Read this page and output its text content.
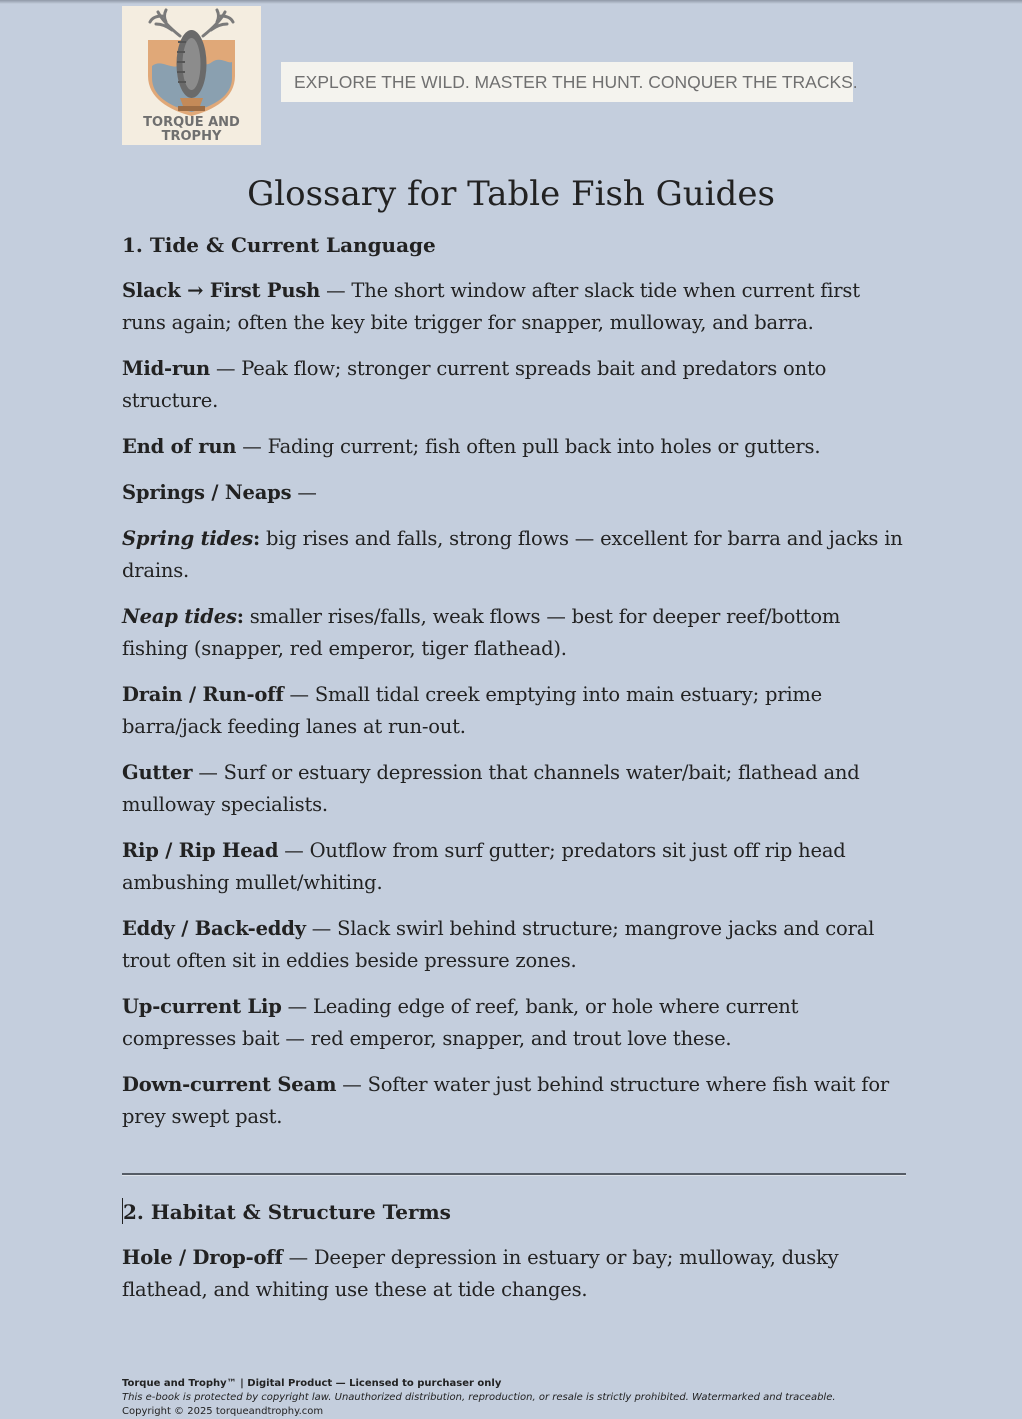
TORQUE AND
TROPHY
EXPLORE THE WILD. MASTER THE HUNT. CONQUER THE TRACKS.
Glossary for Table Fish Guides
1. Tide & Current Language

Slack → First Push — The short window after slack tide when current first runs again; often the key bite trigger for snapper, mulloway, and barra.

Mid-run — Peak flow; stronger current spreads bait and predators onto structure.

End of run — Fading current; fish often pull back into holes or gutters.

Springs / Neaps —

Spring tides: big rises and falls, strong flows — excellent for barra and jacks in drains.

Neap tides: smaller rises/falls, weak flows — best for deeper reef/bottom fishing (snapper, red emperor, tiger flathead).

Drain / Run-off — Small tidal creek emptying into main estuary; prime barra/jack feeding lanes at run-out.

Gutter — Surf or estuary depression that channels water/bait; flathead and mulloway specialists.

Rip / Rip Head — Outflow from surf gutter; predators sit just off rip head ambushing mullet/whiting.

Eddy / Back-eddy — Slack swirl behind structure; mangrove jacks and coral trout often sit in eddies beside pressure zones.

Up-current Lip — Leading edge of reef, bank, or hole where current compresses bait — red emperor, snapper, and trout love these.

Down-current Seam — Softer water just behind structure where fish wait for prey swept past.

2. Habitat & Structure Terms

Hole / Drop-off — Deeper depression in estuary or bay; mulloway, dusky flathead, and whiting use these at tide changes.

Torque and Trophy™ | Digital Product — Licensed to purchaser only
This e-book is protected by copyright law. Unauthorized distribution, reproduction, or resale is strictly prohibited. Watermarked and traceable.
Copyright © 2025 torqueandtrophy.com
